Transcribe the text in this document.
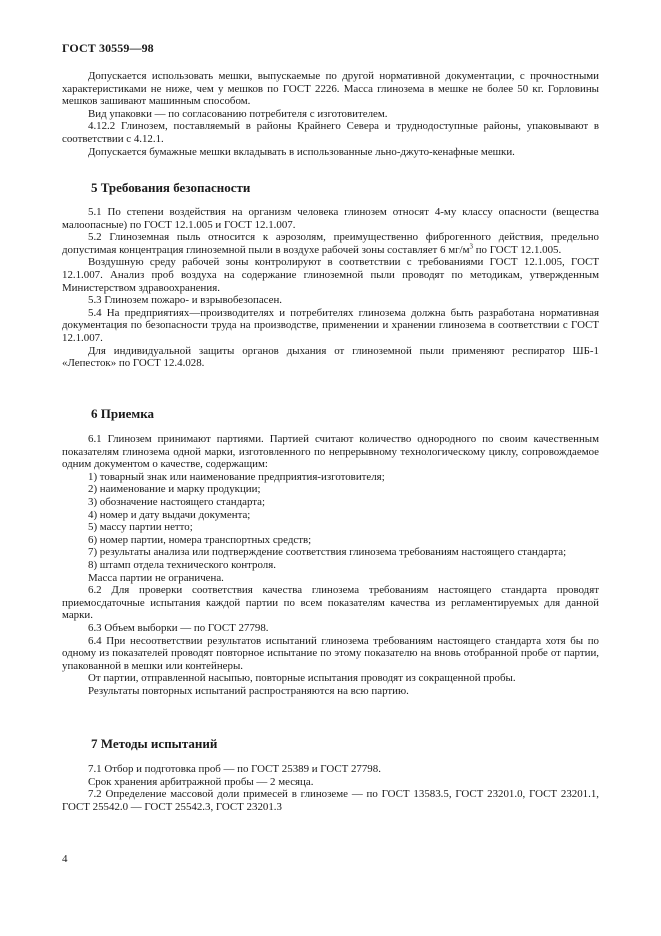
ГОСТ 30559—98

Допускается использовать мешки, выпускаемые по другой нормативной документации, с прочностными характеристиками не ниже, чем у мешков по ГОСТ 2226. Масса глинозема в мешке не более 50 кг. Горловины мешков зашивают машинным способом.

Вид упаковки — по согласованию потребителя с изготовителем.

4.12.2 Глинозем, поставляемый в районы Крайнего Севера и труднодоступные районы, упаковывают в соответствии с 4.12.1.

Допускается бумажные мешки вкладывать в использованные льно-джуто-кенафные мешки.

5 Требования безопасности

5.1 По степени воздействия на организм человека глинозем относят 4-му классу опасности (вещества малоопасные) по ГОСТ 12.1.005 и ГОСТ 12.1.007.

5.2 Глиноземная пыль относится к аэрозолям, преимущественно фиброгенного действия, предельно допустимая концентрация глиноземной пыли в воздухе рабочей зоны составляет 6 $мг/м^3$ по ГОСТ 12.1.005.

Воздушную среду рабочей зоны контролируют в соответствии с требованиями ГОСТ 12.1.005, ГОСТ 12.1.007. Анализ проб воздуха на содержание глиноземной пыли проводят по методикам, утвержденным Министерством здравоохранения.

5.3 Глинозем пожаро- и взрывобезопасен.

5.4 На предприятиях—производителях и потребителях глинозема должна быть разработана нормативная документация по безопасности труда на производстве, применении и хранении глинозема в соответствии с ГОСТ 12.1.007.

Для индивидуальной защиты органов дыхания от глиноземной пыли применяют респиратор ШБ-1 «Лепесток» по ГОСТ 12.4.028.

6 Приемка

6.1 Глинозем принимают партиями. Партией считают количество однородного по своим качественным показателям глинозема одной марки, изготовленного по непрерывному технологическому циклу, сопровождаемое одним документом о качестве, содержащим:

1) товарный знак или наименование предприятия-изготовителя;

2) наименование и марку продукции;

3) обозначение настоящего стандарта;

4) номер и дату выдачи документа;

5) массу партии нетто;

6) номер партии, номера транспортных средств;

7) результаты анализа или подтверждение соответствия глинозема требованиям настоящего стандарта;

8) штамп отдела технического контроля.

Масса партии не ограничена.

6.2 Для проверки соответствия качества глинозема требованиям настоящего стандарта проводят приемосдаточные испытания каждой партии по всем показателям качества из регламентируемых для данной марки.

6.3 Объем выборки — по ГОСТ 27798.

6.4 При несоответствии результатов испытаний глинозема требованиям настоящего стандарта хотя бы по одному из показателей проводят повторное испытание по этому показателю на вновь отобранной пробе от партии, упакованной в мешки или контейнеры.

От партии, отправленной насыпью, повторные испытания проводят из сокращенной пробы.

Результаты повторных испытаний распространяются на всю партию.

7 Методы испытаний

7.1 Отбор и подготовка проб — по ГОСТ 25389 и ГОСТ 27798.

Срок хранения арбитражной пробы — 2 месяца.

7.2 Определение массовой доли примесей в глиноземе — по ГОСТ 13583.5, ГОСТ 23201.0, ГОСТ 23201.1, ГОСТ 25542.0 — ГОСТ 25542.3, ГОСТ 23201.3

4
